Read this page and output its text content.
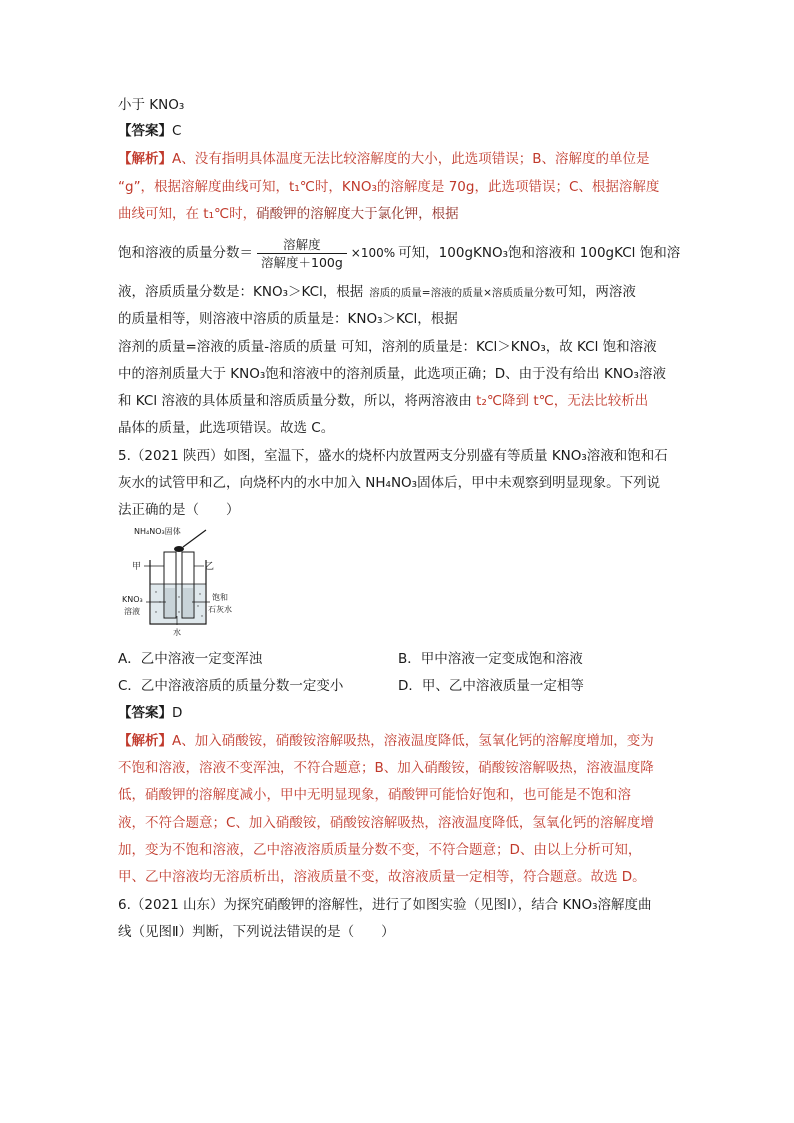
小于 KNO₃
【答案】C
【解析】A、没有指明具体温度无法比较溶解度的大小，此选项错误；B、溶解度的单位是
“g”，根据溶解度曲线可知，t₁℃时，KNO₃的溶解度是 70g，此选项错误；C、根据溶解度
曲线可知，在 t₁℃时，硝酸钾的溶解度大于氯化钾，根据
饱和溶液的质量分数＝ $\frac{\text{溶解度}}{\text{溶解度＋100g}} \times 100\%$ 可知，100gKNO₃饱和溶液和 100gKCl 饱和溶
液，溶质质量分数是：KNO₃＞KCl，根据 溶质的质量=溶液的质量×溶质质量分数可知，两溶液
的质量相等，则溶液中溶质的质量是：KNO₃＞KCl，根据
溶剂的质量=溶液的质量-溶质的质量 可知，溶剂的质量是：KCl＞KNO₃，故 KCl 饱和溶液
中的溶剂质量大于 KNO₃饱和溶液中的溶剂质量，此选项正确；D、由于没有给出 KNO₃溶液
和 KCl 溶液的具体质量和溶质质量分数，所以，将两溶液由 t₂℃降到 t℃，无法比较析出
晶体的质量，此选项错误。故选 C。
5.（2021 陕西）如图，室温下，盛水的烧杯内放置两支分别盛有等质量 KNO₃溶液和饱和石
灰水的试管甲和乙，向烧杯内的水中加入 NH₄NO₃固体后，甲中未观察到明显现象。下列说
法正确的是（　　）
NH₄NO₃固体
甲	乙
KNO₃
溶液
饱和
石灰水
水
A．乙中溶液一定变浑浊	B．甲中溶液一定变成饱和溶液
C．乙中溶液溶质的质量分数一定变小	D．甲、乙中溶液质量一定相等
【答案】D
【解析】A、加入硝酸铵，硝酸铵溶解吸热，溶液温度降低，氢氧化钙的溶解度增加，变为
不饱和溶液，溶液不变浑浊，不符合题意；B、加入硝酸铵，硝酸铵溶解吸热，溶液温度降
低，硝酸钾的溶解度减小，甲中无明显现象，硝酸钾可能恰好饱和，也可能是不饱和溶
液，不符合题意；C、加入硝酸铵，硝酸铵溶解吸热，溶液温度降低，氢氧化钙的溶解度增
加，变为不饱和溶液，乙中溶液溶质质量分数不变，不符合题意；D、由以上分析可知，
甲、乙中溶液均无溶质析出，溶液质量不变，故溶液质量一定相等，符合题意。故选 D。
6.（2021 山东）为探究硝酸钾的溶解性，进行了如图实验（见图Ⅰ），结合 KNO₃溶解度曲
线（见图Ⅱ）判断，下列说法错误的是（　　）
